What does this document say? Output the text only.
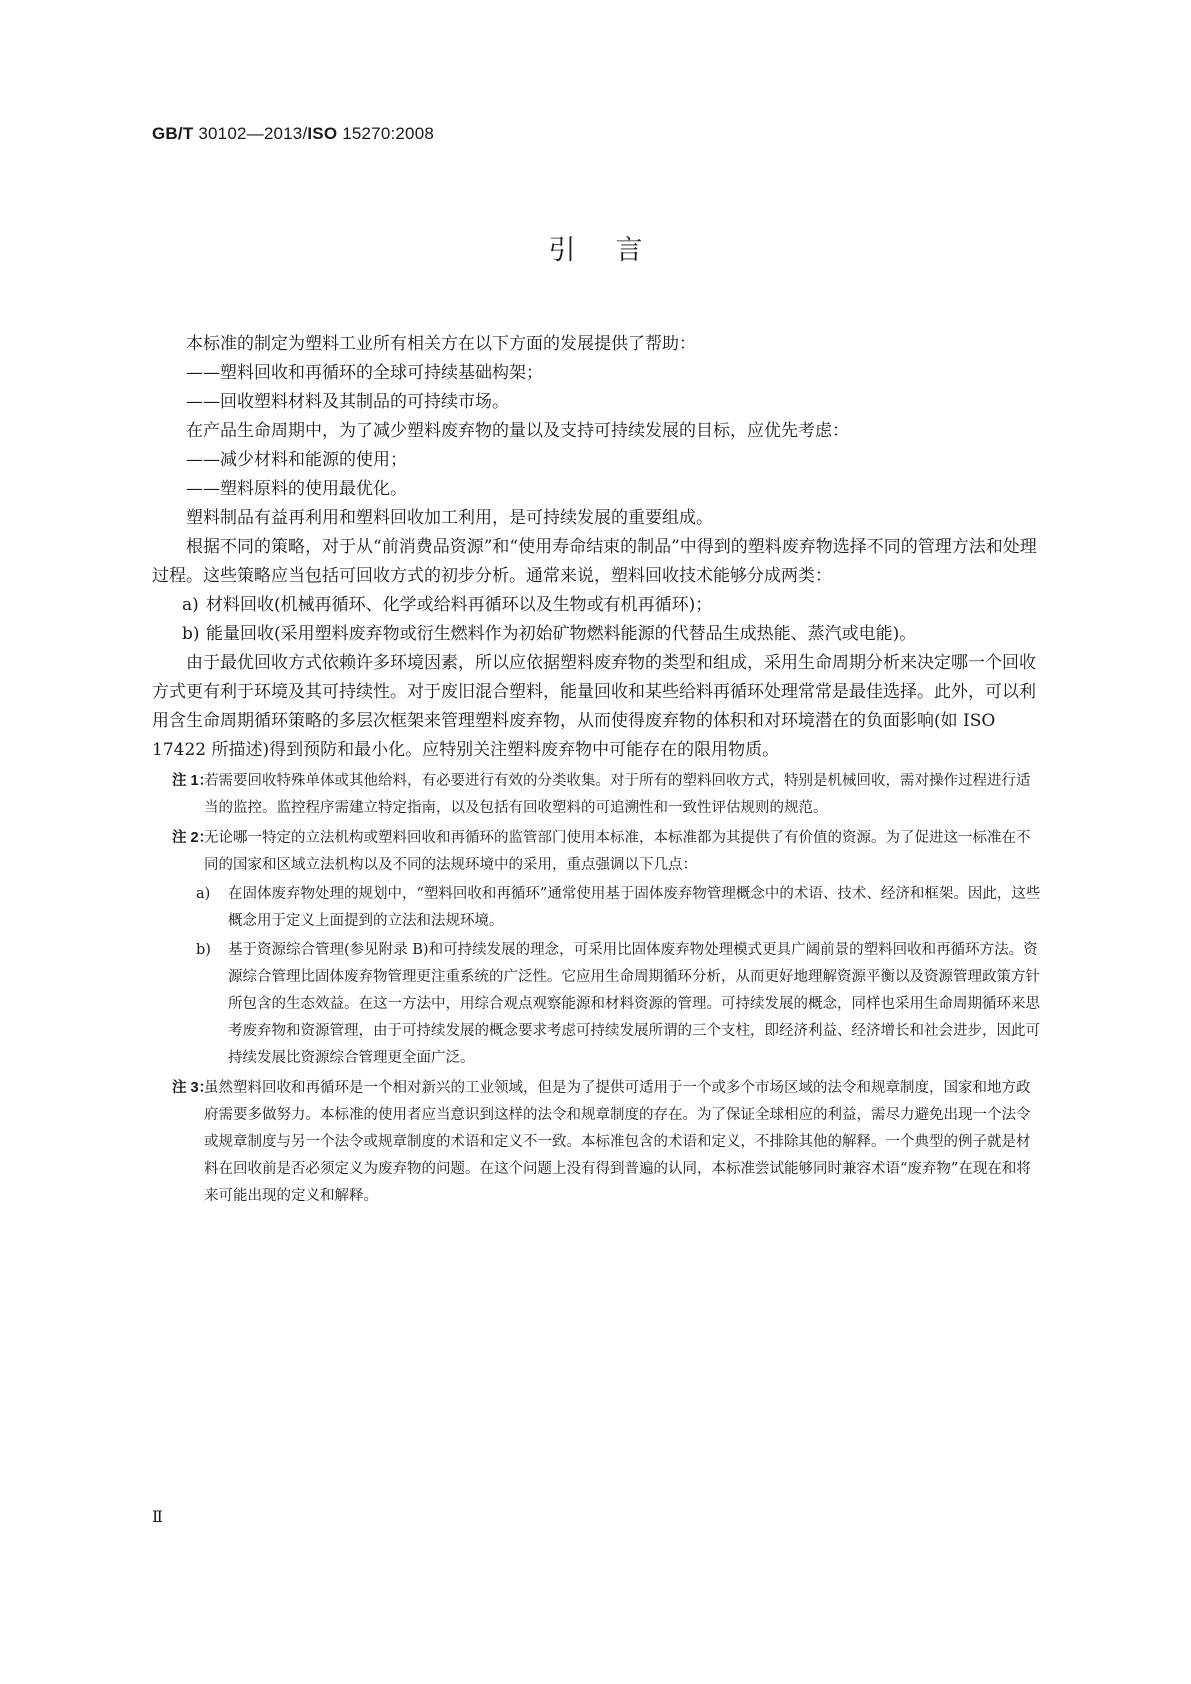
GB/T 30102—2013/ISO 15270:2008
引言

本标准的制定为塑料工业所有相关方在以下方面的发展提供了帮助：

——塑料回收和再循环的全球可持续基础构架；

——回收塑料材料及其制品的可持续市场。

在产品生命周期中，为了减少塑料废弃物的量以及支持可持续发展的目标，应优先考虑：

——减少材料和能源的使用；

——塑料原料的使用最优化。

塑料制品有益再利用和塑料回收加工利用，是可持续发展的重要组成。

根据不同的策略，对于从“前消费品资源”和“使用寿命结束的制品”中得到的塑料废弃物选择不同的管理方法和处理过程。这些策略应当包括可回收方式的初步分析。通常来说，塑料回收技术能够分成两类：

a) 材料回收(机械再循环、化学或给料再循环以及生物或有机再循环)；

b) 能量回收(采用塑料废弃物或衍生燃料作为初始矿物燃料能源的代替品生成热能、蒸汽或电能)。

由于最优回收方式依赖许多环境因素，所以应依据塑料废弃物的类型和组成，采用生命周期分析来决定哪一个回收方式更有利于环境及其可持续性。对于废旧混合塑料，能量回收和某些给料再循环处理常常是最佳选择。此外，可以利用含生命周期循环策略的多层次框架来管理塑料废弃物，从而使得废弃物的体积和对环境潜在的负面影响(如 ISO 17422 所描述)得到预防和最小化。应特别关注塑料废弃物中可能存在的限用物质。

注 1：
若需要回收特殊单体或其他给料，有必要进行有效的分类收集。对于所有的塑料回收方式，特别是机械回收，需对操作过程进行适当的监控。监控程序需建立特定指南，以及包括有回收塑料的可追溯性和一致性评估规则的规范。

注 2：
无论哪一特定的立法机构或塑料回收和再循环的监管部门使用本标准，本标准都为其提供了有价值的资源。为了促进这一标准在不同的国家和区域立法机构以及不同的法规环境中的采用，重点强调以下几点：

a) 在固体废弃物处理的规划中，“塑料回收和再循环”通常使用基于固体废弃物管理概念中的术语、技术、经济和框架。因此，这些概念用于定义上面提到的立法和法规环境。

b) 基于资源综合管理(参见附录 B)和可持续发展的理念，可采用比固体废弃物处理模式更具广阔前景的塑料回收和再循环方法。资源综合管理比固体废弃物管理更注重系统的广泛性。它应用生命周期循环分析，从而更好地理解资源平衡以及资源管理政策方针所包含的生态效益。在这一方法中，用综合观点观察能源和材料资源的管理。可持续发展的概念，同样也采用生命周期循环来思考废弃物和资源管理，由于可持续发展的概念要求考虑可持续发展所谓的三个支柱，即经济利益、经济增长和社会进步，因此可持续发展比资源综合管理更全面广泛。

注 3：
虽然塑料回收和再循环是一个相对新兴的工业领域，但是为了提供可适用于一个或多个市场区域的法令和规章制度，国家和地方政府需要多做努力。本标准的使用者应当意识到这样的法令和规章制度的存在。为了保证全球相应的利益，需尽力避免出现一个法令或规章制度与另一个法令或规章制度的术语和定义不一致。本标准包含的术语和定义，不排除其他的解释。一个典型的例子就是材料在回收前是否必须定义为废弃物的问题。在这个问题上没有得到普遍的认同，本标准尝试能够同时兼容术语“废弃物”在现在和将来可能出现的定义和解释。

Ⅱ
